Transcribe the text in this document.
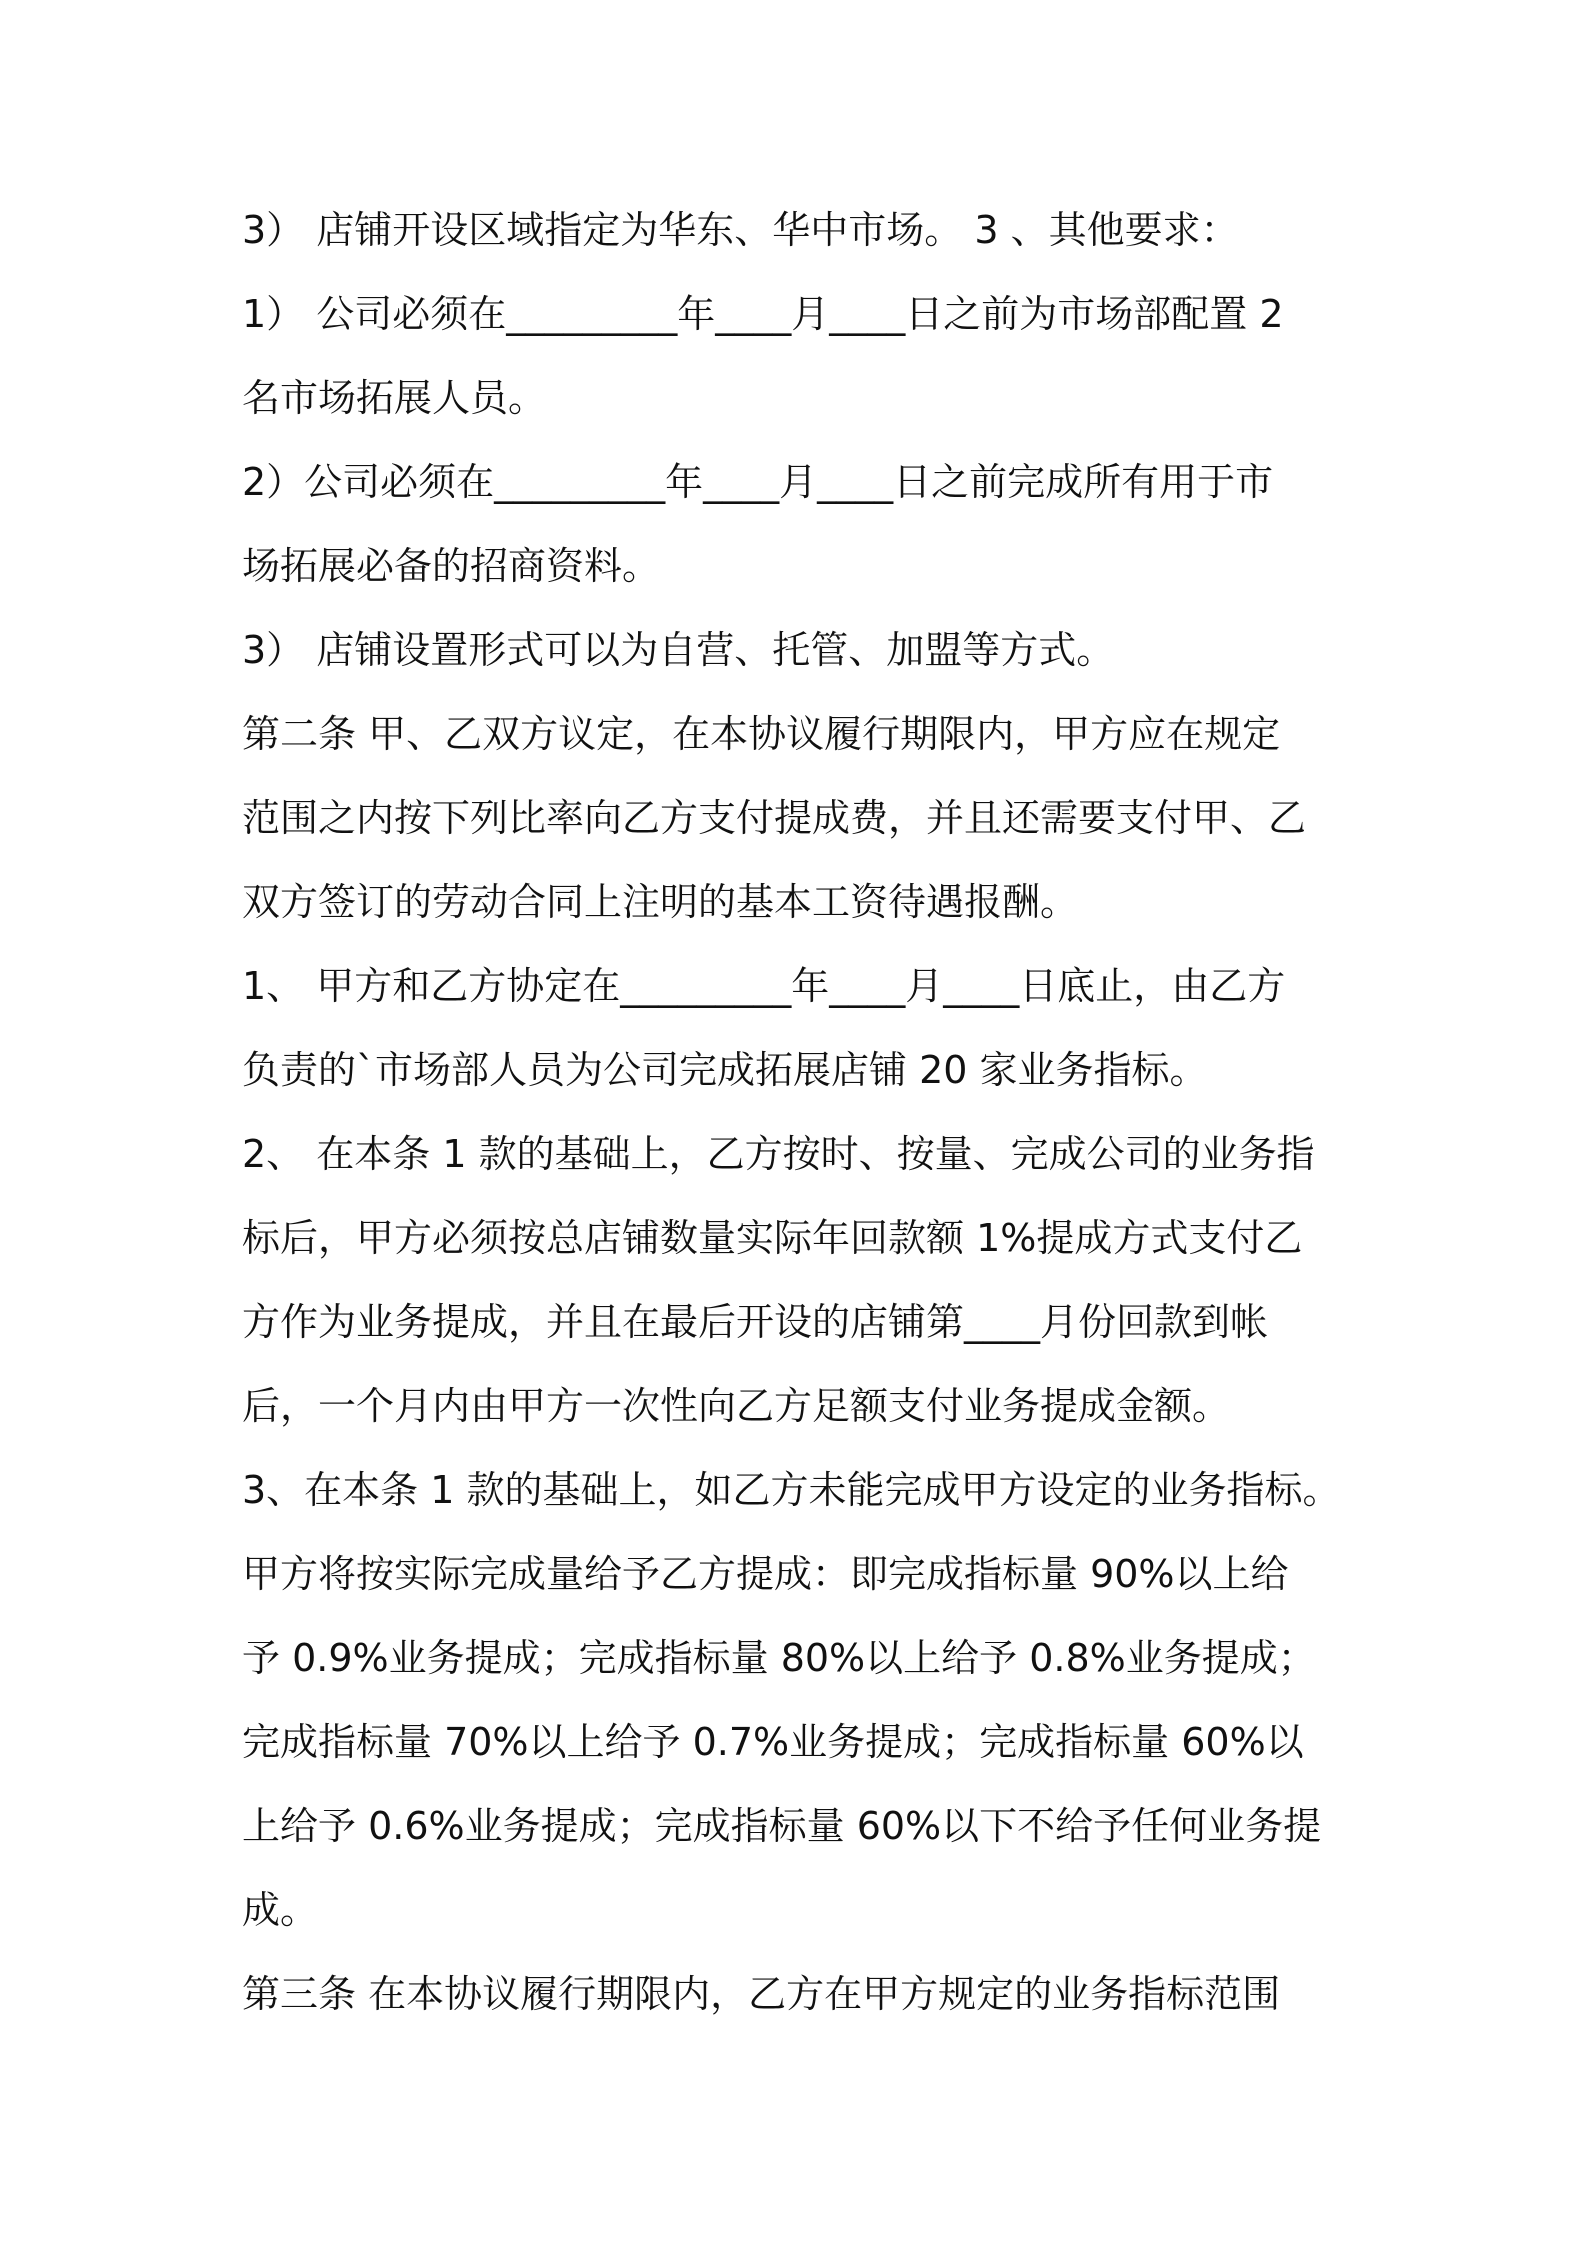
3） 店铺开设区域指定为华东、华中市场。 3 、其他要求：
1） 公司必须在_________年____月____日之前为市场部配置 2
名市场拓展人员。
2）公司必须在_________年____月____日之前完成所有用于市
场拓展必备的招商资料。
3） 店铺设置形式可以为自营、托管、加盟等方式。
第二条 甲、乙双方议定，在本协议履行期限内，甲方应在规定
范围之内按下列比率向乙方支付提成费，并且还需要支付甲、乙
双方签订的劳动合同上注明的基本工资待遇报酬。
1、 甲方和乙方协定在_________年____月____日底止，由乙方
负责的`市场部人员为公司完成拓展店铺 20 家业务指标。
2、 在本条 1 款的基础上，乙方按时、按量、完成公司的业务指
标后，甲方必须按总店铺数量实际年回款额 1%提成方式支付乙
方作为业务提成，并且在最后开设的店铺第____月份回款到帐
后，一个月内由甲方一次性向乙方足额支付业务提成金额。
3、在本条 1 款的基础上，如乙方未能完成甲方设定的业务指标。
甲方将按实际完成量给予乙方提成：即完成指标量 90%以上给
予 0.9%业务提成；完成指标量 80%以上给予 0.8%业务提成；
完成指标量 70%以上给予 0.7%业务提成；完成指标量 60%以
上给予 0.6%业务提成；完成指标量 60%以下不给予任何业务提
成。
第三条 在本协议履行期限内，乙方在甲方规定的业务指标范围
